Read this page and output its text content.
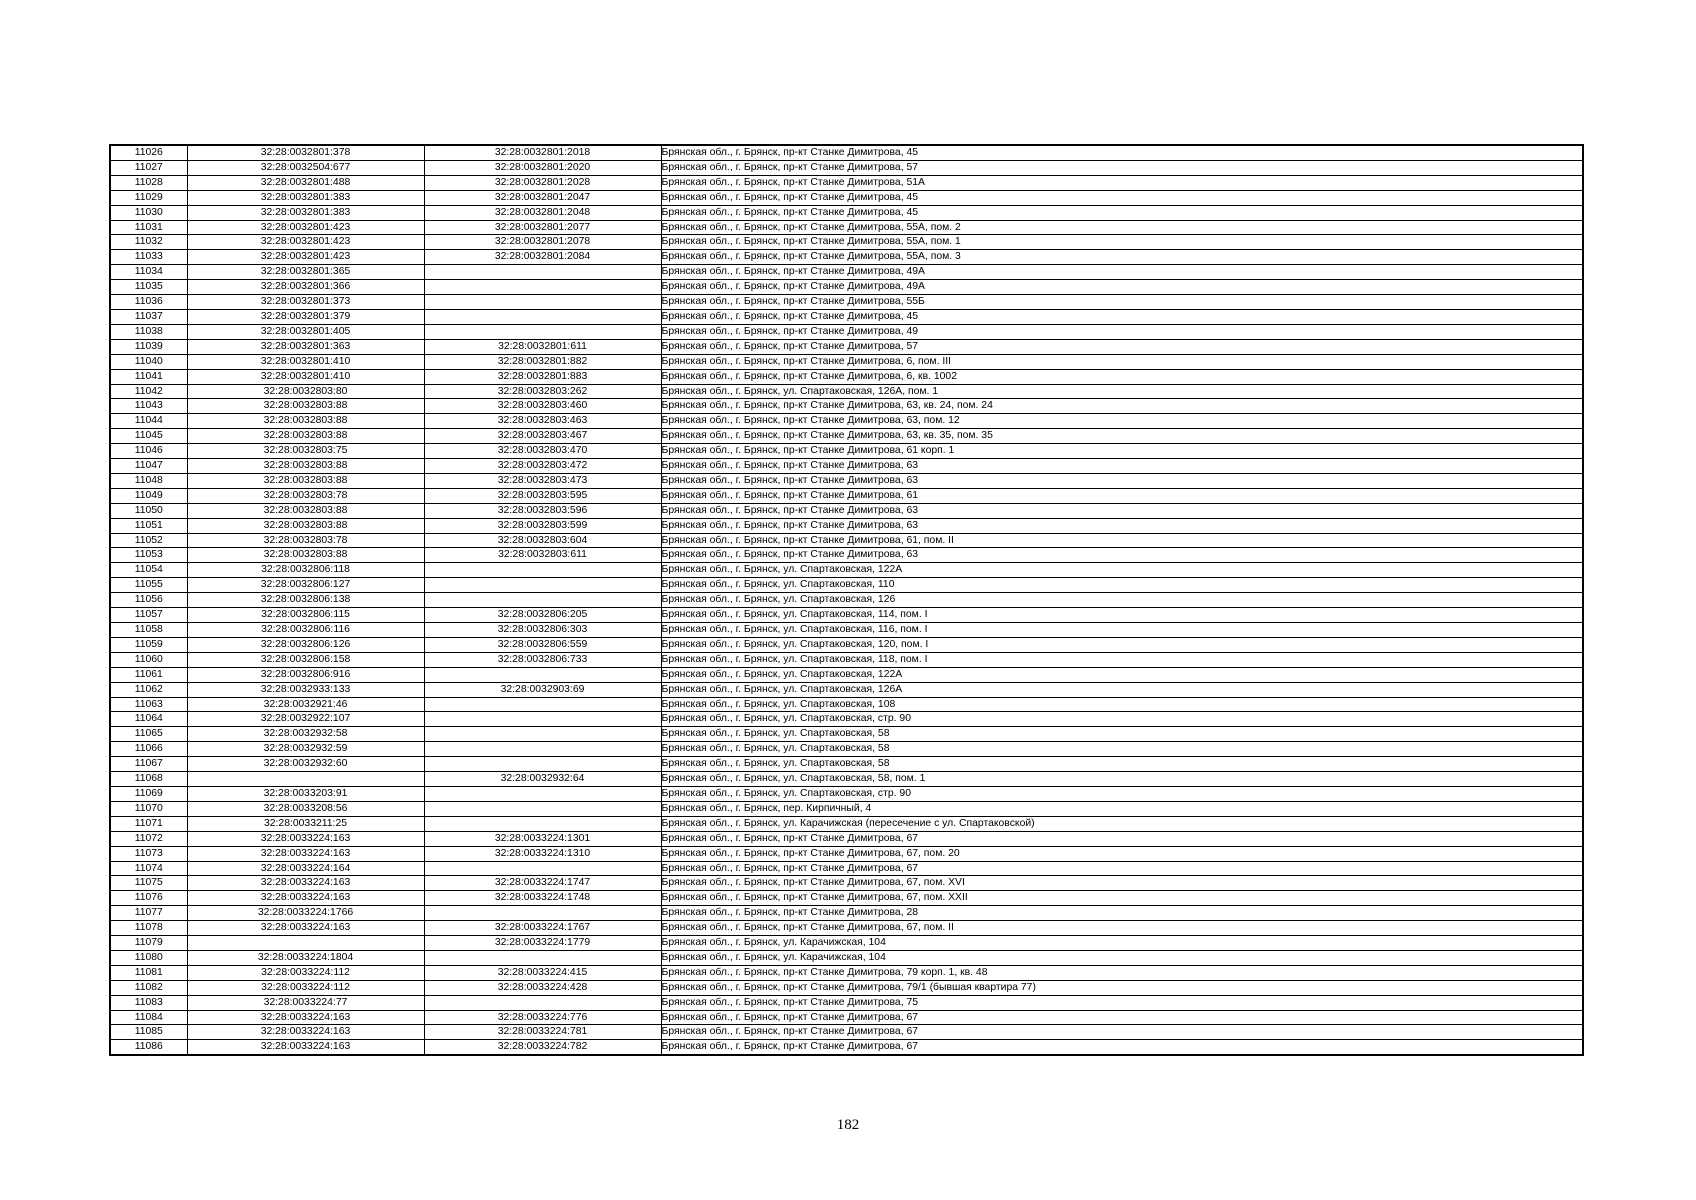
11026	32:28:0032801:378	32:28:0032801:2018	Брянская обл., г. Брянск, пр-кт Станке Димитрова, 45
11027	32:28:0032504:677	32:28:0032801:2020	Брянская обл., г. Брянск, пр-кт Станке Димитрова, 57
11028	32:28:0032801:488	32:28:0032801:2028	Брянская обл., г. Брянск, пр-кт Станке Димитрова, 51А
11029	32:28:0032801:383	32:28:0032801:2047	Брянская обл., г. Брянск, пр-кт Станке Димитрова, 45
11030	32:28:0032801:383	32:28:0032801:2048	Брянская обл., г. Брянск, пр-кт Станке Димитрова, 45
11031	32:28:0032801:423	32:28:0032801:2077	Брянская обл., г. Брянск, пр-кт Станке Димитрова, 55А, пом. 2
11032	32:28:0032801:423	32:28:0032801:2078	Брянская обл., г. Брянск, пр-кт Станке Димитрова, 55А, пом. 1
11033	32:28:0032801:423	32:28:0032801:2084	Брянская обл., г. Брянск, пр-кт Станке Димитрова, 55А, пом. 3
11034	32:28:0032801:365		Брянская обл., г. Брянск, пр-кт Станке Димитрова, 49А
11035	32:28:0032801:366		Брянская обл., г. Брянск, пр-кт Станке Димитрова, 49А
11036	32:28:0032801:373		Брянская обл., г. Брянск, пр-кт Станке Димитрова, 55Б
11037	32:28:0032801:379		Брянская обл., г. Брянск, пр-кт Станке Димитрова, 45
11038	32:28:0032801:405		Брянская обл., г. Брянск, пр-кт Станке Димитрова, 49
11039	32:28:0032801:363	32:28:0032801:611	Брянская обл., г. Брянск, пр-кт Станке Димитрова, 57
11040	32:28:0032801:410	32:28:0032801:882	Брянская обл., г. Брянск, пр-кт Станке Димитрова, 6, пом. III
11041	32:28:0032801:410	32:28:0032801:883	Брянская обл., г. Брянск, пр-кт Станке Димитрова, 6, кв. 1002
11042	32:28:0032803:80	32:28:0032803:262	Брянская обл., г. Брянск, ул. Спартаковская, 126А, пом. 1
11043	32:28:0032803:88	32:28:0032803:460	Брянская обл., г. Брянск, пр-кт Станке Димитрова, 63, кв. 24, пом. 24
11044	32:28:0032803:88	32:28:0032803:463	Брянская обл., г. Брянск, пр-кт Станке Димитрова, 63, пом. 12
11045	32:28:0032803:88	32:28:0032803:467	Брянская обл., г. Брянск, пр-кт Станке Димитрова, 63, кв. 35, пом. 35
11046	32:28:0032803:75	32:28:0032803:470	Брянская обл., г. Брянск, пр-кт Станке Димитрова, 61 корп. 1
11047	32:28:0032803:88	32:28:0032803:472	Брянская обл., г. Брянск, пр-кт Станке Димитрова, 63
11048	32:28:0032803:88	32:28:0032803:473	Брянская обл., г. Брянск, пр-кт Станке Димитрова, 63
11049	32:28:0032803:78	32:28:0032803:595	Брянская обл., г. Брянск, пр-кт Станке Димитрова, 61
11050	32:28:0032803:88	32:28:0032803:596	Брянская обл., г. Брянск, пр-кт Станке Димитрова, 63
11051	32:28:0032803:88	32:28:0032803:599	Брянская обл., г. Брянск, пр-кт Станке Димитрова, 63
11052	32:28:0032803:78	32:28:0032803:604	Брянская обл., г. Брянск, пр-кт Станке Димитрова, 61, пом. II
11053	32:28:0032803:88	32:28:0032803:611	Брянская обл., г. Брянск, пр-кт Станке Димитрова, 63
11054	32:28:0032806:118		Брянская обл., г. Брянск, ул. Спартаковская, 122А
11055	32:28:0032806:127		Брянская обл., г. Брянск, ул. Спартаковская, 110
11056	32:28:0032806:138		Брянская обл., г. Брянск, ул. Спартаковская, 126
11057	32:28:0032806:115	32:28:0032806:205	Брянская обл., г. Брянск, ул. Спартаковская, 114, пом. I
11058	32:28:0032806:116	32:28:0032806:303	Брянская обл., г. Брянск, ул. Спартаковская, 116, пом. I
11059	32:28:0032806:126	32:28:0032806:559	Брянская обл., г. Брянск, ул. Спартаковская, 120, пом. I
11060	32:28:0032806:158	32:28:0032806:733	Брянская обл., г. Брянск, ул. Спартаковская, 118, пом. I
11061	32:28:0032806:916		Брянская обл., г. Брянск, ул. Спартаковская, 122А
11062	32:28:0032933:133	32:28:0032903:69	Брянская обл., г. Брянск, ул. Спартаковская, 126А
11063	32:28:0032921:46		Брянская обл., г. Брянск, ул. Спартаковская, 108
11064	32:28:0032922:107		Брянская обл., г. Брянск, ул. Спартаковская, стр. 90
11065	32:28:0032932:58		Брянская обл., г. Брянск, ул. Спартаковская, 58
11066	32:28:0032932:59		Брянская обл., г. Брянск, ул. Спартаковская, 58
11067	32:28:0032932:60		Брянская обл., г. Брянск, ул. Спартаковская, 58
11068		32:28:0032932:64	Брянская обл., г. Брянск, ул. Спартаковская, 58, пом. 1
11069	32:28:0033203:91		Брянская обл., г. Брянск, ул. Спартаковская, стр. 90
11070	32:28:0033208:56		Брянская обл., г. Брянск, пер. Кирпичный, 4
11071	32:28:0033211:25		Брянская обл., г. Брянск, ул. Карачижская (пересечение с ул. Спартаковской)
11072	32:28:0033224:163	32:28:0033224:1301	Брянская обл., г. Брянск, пр-кт Станке Димитрова, 67
11073	32:28:0033224:163	32:28:0033224:1310	Брянская обл., г. Брянск, пр-кт Станке Димитрова, 67, пом. 20
11074	32:28:0033224:164		Брянская обл., г. Брянск, пр-кт Станке Димитрова, 67
11075	32:28:0033224:163	32:28:0033224:1747	Брянская обл., г. Брянск, пр-кт Станке Димитрова, 67, пом. XVI
11076	32:28:0033224:163	32:28:0033224:1748	Брянская обл., г. Брянск, пр-кт Станке Димитрова, 67, пом. XXII
11077	32:28:0033224:1766		Брянская обл., г. Брянск, пр-кт Станке Димитрова, 28
11078	32:28:0033224:163	32:28:0033224:1767	Брянская обл., г. Брянск, пр-кт Станке Димитрова, 67, пом. II
11079		32:28:0033224:1779	Брянская обл., г. Брянск, ул. Карачижская, 104
11080	32:28:0033224:1804		Брянская обл., г. Брянск, ул. Карачижская, 104
11081	32:28:0033224:112	32:28:0033224:415	Брянская обл., г. Брянск, пр-кт Станке Димитрова, 79 корп. 1, кв. 48
11082	32:28:0033224:112	32:28:0033224:428	Брянская обл., г. Брянск, пр-кт Станке Димитрова, 79/1 (бывшая квартира 77)
11083	32:28:0033224:77		Брянская обл., г. Брянск, пр-кт Станке Димитрова, 75
11084	32:28:0033224:163	32:28:0033224:776	Брянская обл., г. Брянск, пр-кт Станке Димитрова, 67
11085	32:28:0033224:163	32:28:0033224:781	Брянская обл., г. Брянск, пр-кт Станке Димитрова, 67
11086	32:28:0033224:163	32:28:0033224:782	Брянская обл., г. Брянск, пр-кт Станке Димитрова, 67
182
